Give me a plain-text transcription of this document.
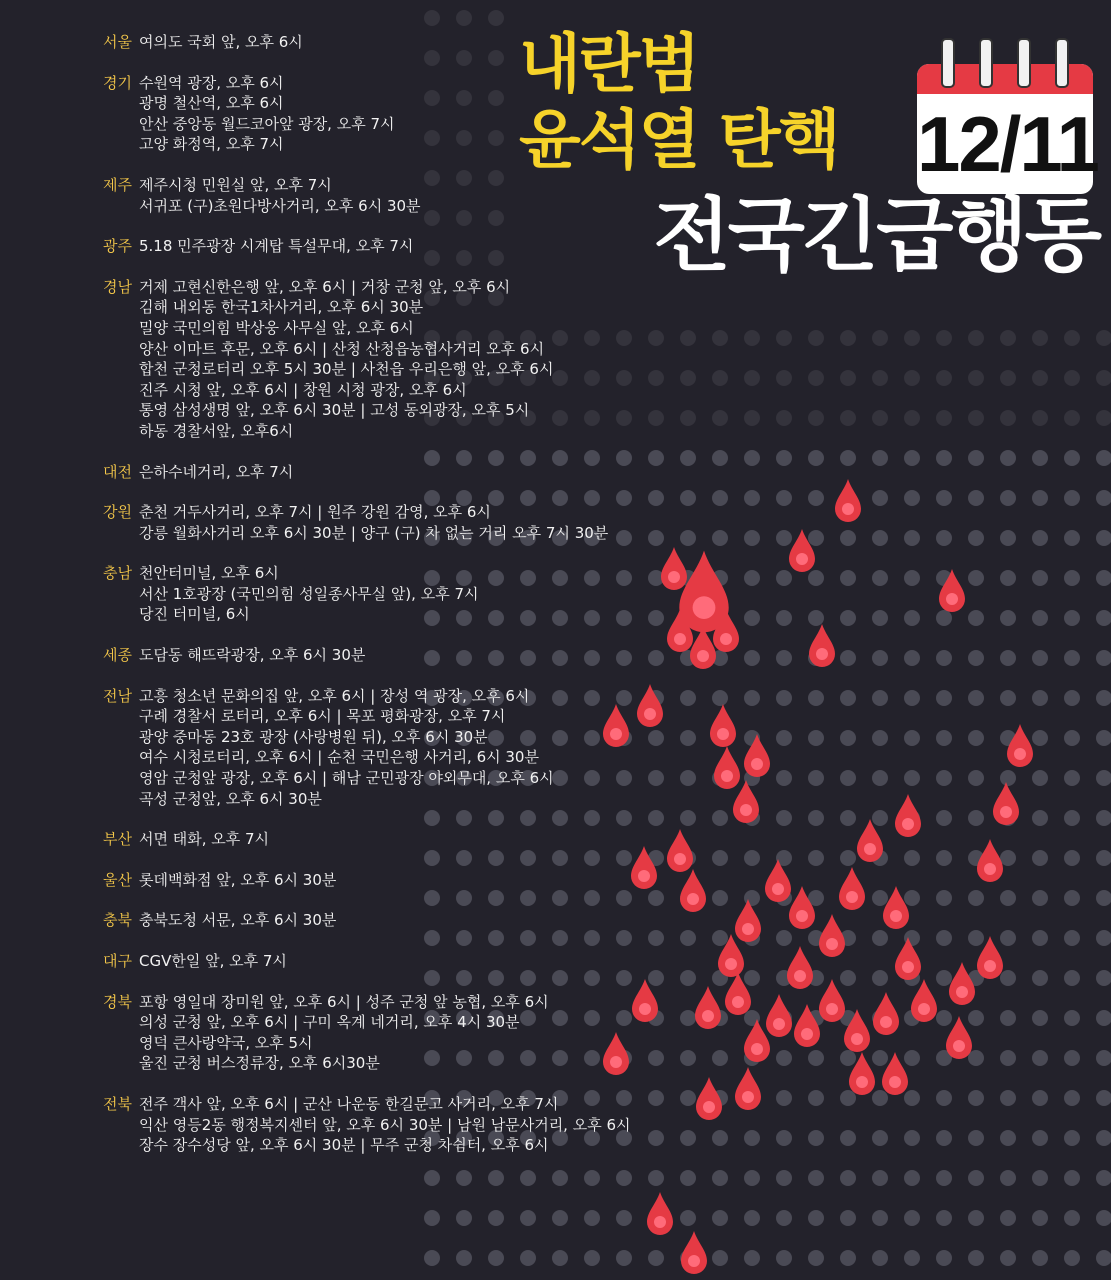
내란범
윤석열 탄핵 12/11
전국긴급행동
서울 여의도 국회 앞, 오후 6시
경기 수원역 광장, 오후 6시
광명 철산역, 오후 6시
안산 중앙동 월드코아앞 광장, 오후 7시
고양 화정역, 오후 7시
제주 제주시청 민원실 앞, 오후 7시
서귀포 (구)초원다방사거리, 오후 6시 30분
광주 5.18 민주광장 시계탑 특설무대, 오후 7시
경남 거제 고현신한은행 앞, 오후 6시 | 거창 군청 앞, 오후 6시
김해 내외동 한국1차사거리, 오후 6시 30분
밀양 국민의힘 박상웅 사무실 앞, 오후 6시
양산 이마트 후문, 오후 6시 | 산청 산청읍농협사거리 오후 6시
합천 군청로터리 오후 5시 30분 | 사천읍 우리은행 앞, 오후 6시
진주 시청 앞, 오후 6시 | 창원 시청 광장, 오후 6시
통영 삼성생명 앞, 오후 6시 30분 | 고성 동외광장, 오후 5시
하동 경찰서앞, 오후6시
대전 은하수네거리, 오후 7시
강원 춘천 거두사거리, 오후 7시 | 원주 강원 감영, 오후 6시
강릉 월화사거리 오후 6시 30분 | 양구 (구) 차 없는 거리 오후 7시 30분
충남 천안터미널, 오후 6시
서산 1호광장 (국민의힘 성일종사무실 앞), 오후 7시
당진 터미널, 6시
세종 도담동 해뜨락광장, 오후 6시 30분
전남 고흥 청소년 문화의집 앞, 오후 6시 | 장성 역 광장, 오후 6시
구례 경찰서 로터리, 오후 6시 | 목포 평화광장, 오후 7시
광양 중마동 23호 광장 (사랑병원 뒤), 오후 6시 30분
여수 시청로터리, 오후 6시 | 순천 국민은행 사거리, 6시 30분
영암 군청앞 광장, 오후 6시 | 해남 군민광장 야외무대, 오후 6시
곡성 군청앞, 오후 6시 30분
부산 서면 태화, 오후 7시
울산 롯데백화점 앞, 오후 6시 30분
충북 충북도청 서문, 오후 6시 30분
대구 CGV한일 앞, 오후 7시
경북 포항 영일대 장미원 앞, 오후 6시 | 성주 군청 앞 농협, 오후 6시
의성 군청 앞, 오후 6시 | 구미 옥계 네거리, 오후 4시 30분
영덕 큰사랑약국, 오후 5시
울진 군청 버스정류장, 오후 6시30분
전북 전주 객사 앞, 오후 6시 | 군산 나운동 한길문고 사거리, 오후 7시
익산 영등2동 행정복지센터 앞, 오후 6시 30분 | 남원 남문사거리, 오후 6시
장수 장수성당 앞, 오후 6시 30분 | 무주 군청 차쉼터, 오후 6시
